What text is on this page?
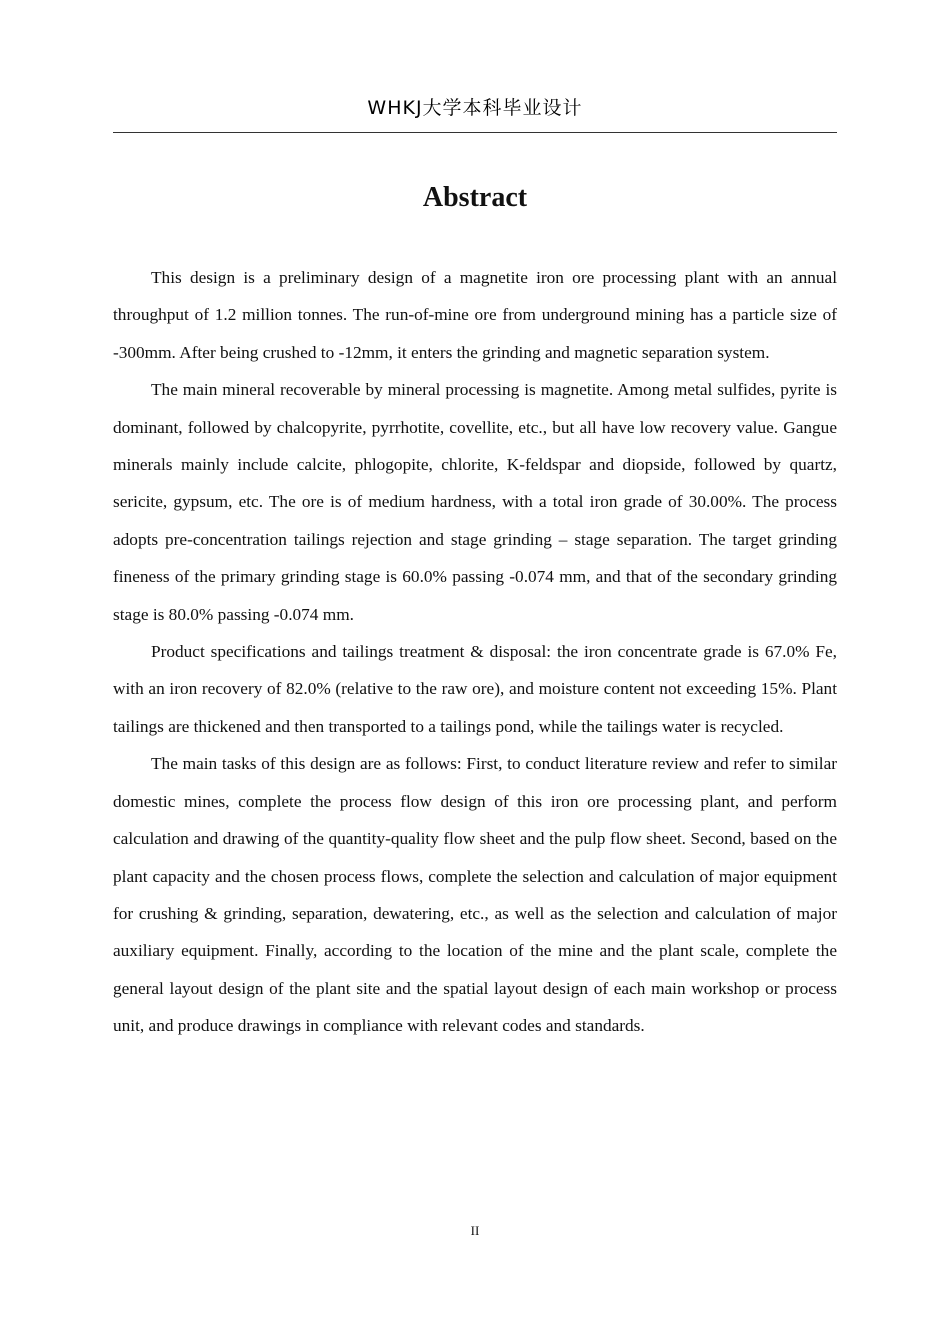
WHKJ大学本科毕业设计
Abstract

This design is a preliminary design of a magnetite iron ore processing plant with an annual throughput of 1.2 million tonnes. The run-of-mine ore from underground mining has a particle size of -300mm. After being crushed to -12mm, it enters the grinding and magnetic separation system.

The main mineral recoverable by mineral processing is magnetite. Among metal sulfides, pyrite is dominant, followed by chalcopyrite, pyrrhotite, covellite, etc., but all have low recovery value. Gangue minerals mainly include calcite, phlogopite, chlorite, K-feldspar and diopside, followed by quartz, sericite, gypsum, etc. The ore is of medium hardness, with a total iron grade of 30.00%. The process adopts pre-concentration tailings rejection and stage grinding – stage separation. The target grinding fineness of the primary grinding stage is 60.0% passing -0.074 mm, and that of the secondary grinding stage is 80.0% passing -0.074 mm.

Product specifications and tailings treatment & disposal: the iron concentrate grade is 67.0% Fe, with an iron recovery of 82.0% (relative to the raw ore), and moisture content not exceeding 15%. Plant tailings are thickened and then transported to a tailings pond, while the tailings water is recycled.

The main tasks of this design are as follows: First, to conduct literature review and refer to similar domestic mines, complete the process flow design of this iron ore processing plant, and perform calculation and drawing of the quantity-quality flow sheet and the pulp flow sheet. Second, based on the plant capacity and the chosen process flows, complete the selection and calculation of major equipment for crushing & grinding, separation, dewatering, etc., as well as the selection and calculation of major auxiliary equipment. Finally, according to the location of the mine and the plant scale, complete the general layout design of the plant site and the spatial layout design of each main workshop or process unit, and produce drawings in compliance with relevant codes and standards.

II
